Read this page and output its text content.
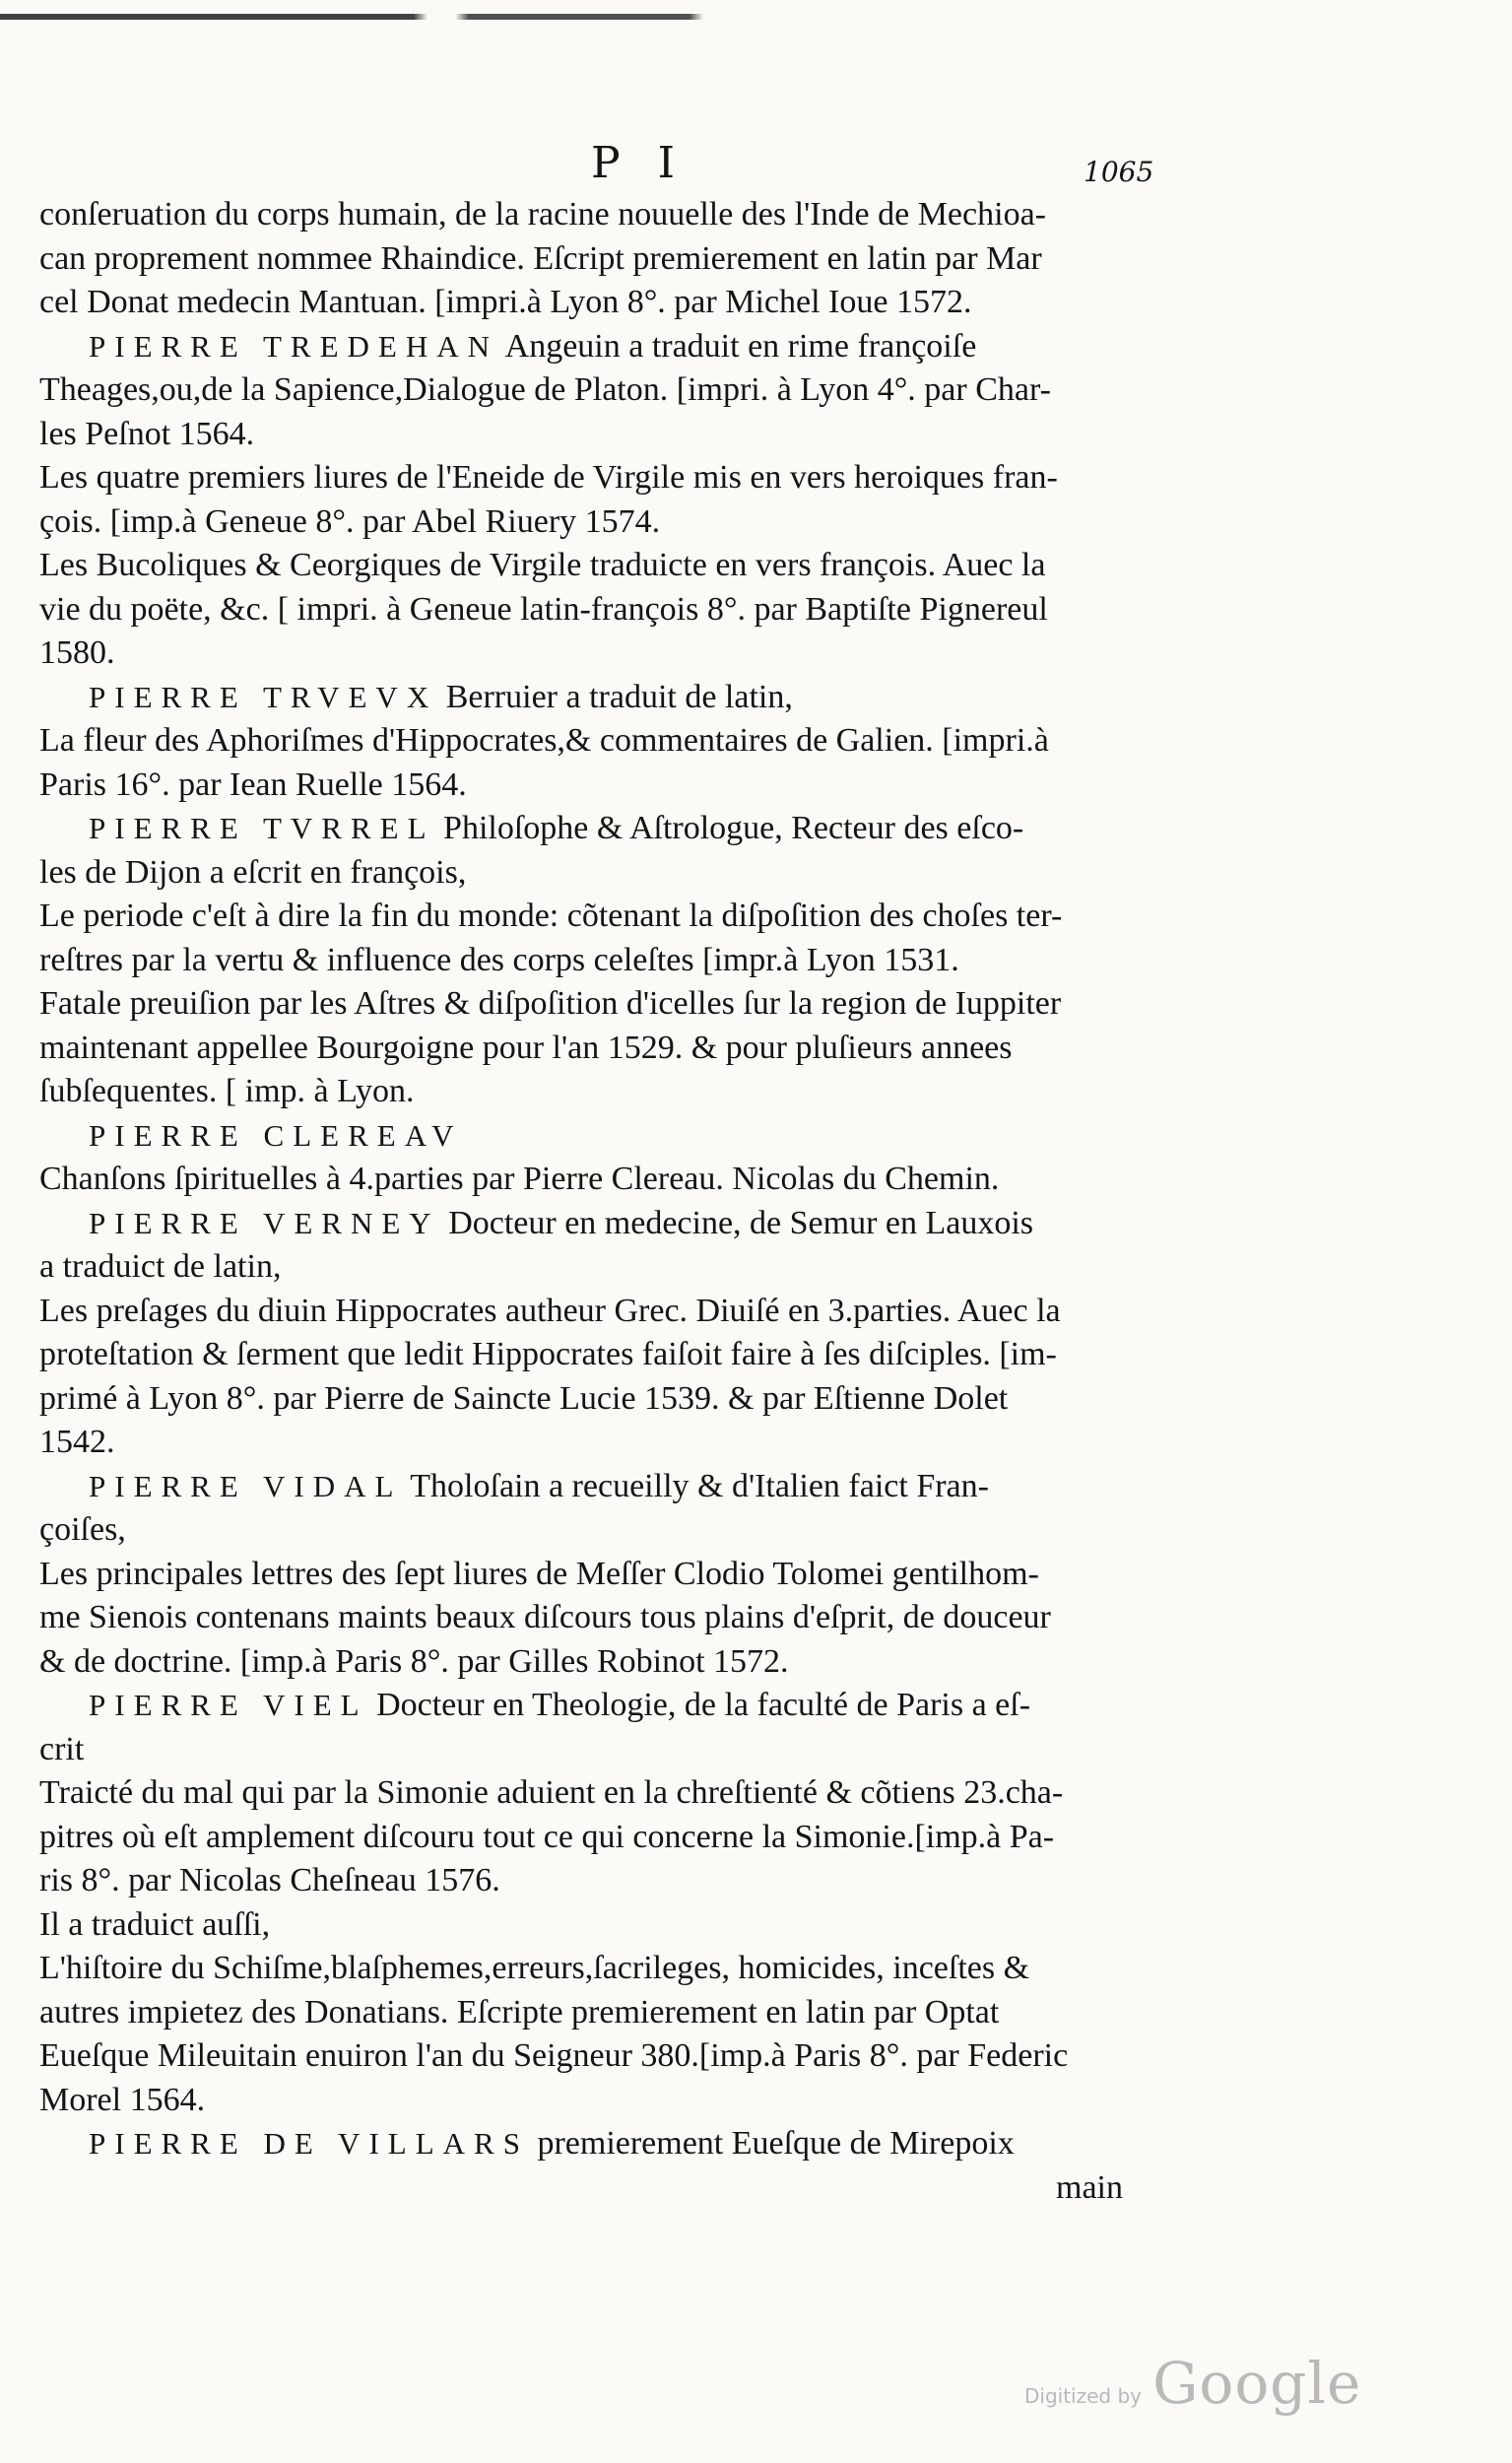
P I	1065
conſeruation du corps humain, de la racine nouuelle des l'Inde de Mechioa-
can proprement nommee Rhaindice. Eſcript premierement en latin par Mar
cel Donat medecin Mantuan. [impri.à Lyon 8°. par Michel Ioue 1572.
PIERRE TREDEHAN Angeuin a traduit en rime françoiſe
Theages,ou,de la Sapience,Dialogue de Platon. [impri. à Lyon 4°. par Char-
les Peſnot 1564.
Les quatre premiers liures de l'Eneide de Virgile mis en vers heroiques fran-
çois. [imp.à Geneue 8°. par Abel Riuery 1574.
Les Bucoliques & Ceorgiques de Virgile traduicte en vers françois. Auec la
vie du poëte, &c. [ impri. à Geneue latin-françois 8°. par Baptiſte Pignereul
1580.
PIERRE TRVEVX Berruier a traduit de latin,
La fleur des Aphoriſmes d'Hippocrates,& commentaires de Galien. [impri.à
Paris 16°. par Iean Ruelle 1564.
PIERRE TVRREL Philoſophe & Aſtrologue, Recteur des eſco-
les de Dijon a eſcrit en françois,
Le periode c'eſt à dire la fin du monde: cõtenant la diſpoſition des choſes ter-
reſtres par la vertu & influence des corps celeſtes [impr.à Lyon 1531.
Fatale preuiſion par les Aſtres & diſpoſition d'icelles ſur la region de Iuppiter
maintenant appellee Bourgoigne pour l'an 1529. & pour pluſieurs annees
ſubſequentes. [ imp. à Lyon.
PIERRE CLEREAV
Chanſons ſpirituelles à 4.parties par Pierre Clereau. Nicolas du Chemin.
PIERRE VERNEY Docteur en medecine, de Semur en Lauxois
a traduict de latin,
Les preſages du diuin Hippocrates autheur Grec. Diuiſé en 3.parties. Auec la
proteſtation & ſerment que ledit Hippocrates faiſoit faire à ſes diſciples. [im-
primé à Lyon 8°. par Pierre de Saincte Lucie 1539. & par Eſtienne Dolet
1542.
PIERRE VIDAL Tholoſain a recueilly & d'Italien faict Fran-
çoiſes,
Les principales lettres des ſept liures de Meſſer Clodio Tolomei gentilhom-
me Sienois contenans maints beaux diſcours tous plains d'eſprit, de douceur
& de doctrine. [imp.à Paris 8°. par Gilles Robinot 1572.
PIERRE VIEL Docteur en Theologie, de la faculté de Paris a eſ-
crit
Traicté du mal qui par la Simonie aduient en la chreſtienté & cõtiens 23.cha-
pitres où eſt amplement diſcouru tout ce qui concerne la Simonie.[imp.à Pa-
ris 8°. par Nicolas Cheſneau 1576.
Il a traduict auſſi,
L'hiſtoire du Schiſme,blaſphemes,erreurs,ſacrileges, homicides, inceſtes &
autres impietez des Donatians. Eſcripte premierement en latin par Optat
Eueſque Mileuitain enuiron l'an du Seigneur 380.[imp.à Paris 8°. par Federic
Morel 1564.
PIERRE DE VILLARS premierement Eueſque de Mirepoix
main
Digitized by Google
